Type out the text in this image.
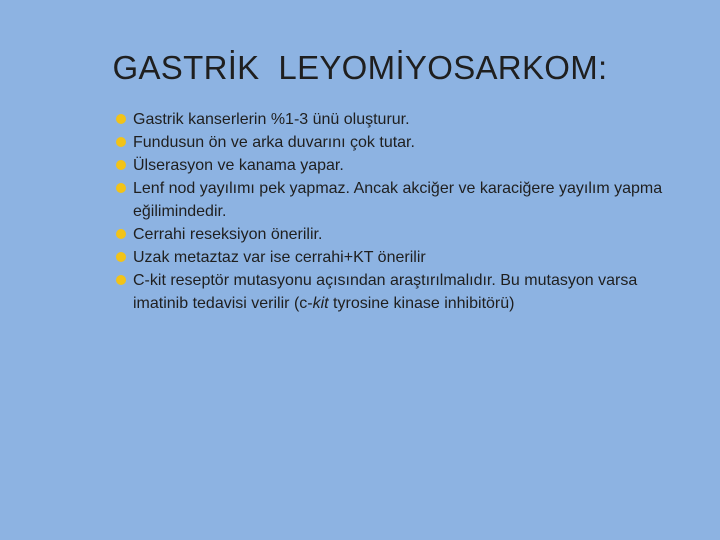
GASTRİK  LEYOMİYOSARKOM:
Gastrik kanserlerin %1-3 ünü oluşturur.
Fundusun ön ve arka duvarını çok tutar.
Ülserasyon ve kanama yapar.
Lenf nod yayılımı pek yapmaz. Ancak akciğer ve karaciğere yayılım yapma eğilimindedir.
Cerrahi reseksiyon önerilir.
Uzak metaztaz var ise cerrahi+KT önerilir
C-kit reseptör mutasyonu açısından araştırılmalıdır. Bu mutasyon varsa imatinib tedavisi verilir (c-kit tyrosine kinase inhibitörü)
